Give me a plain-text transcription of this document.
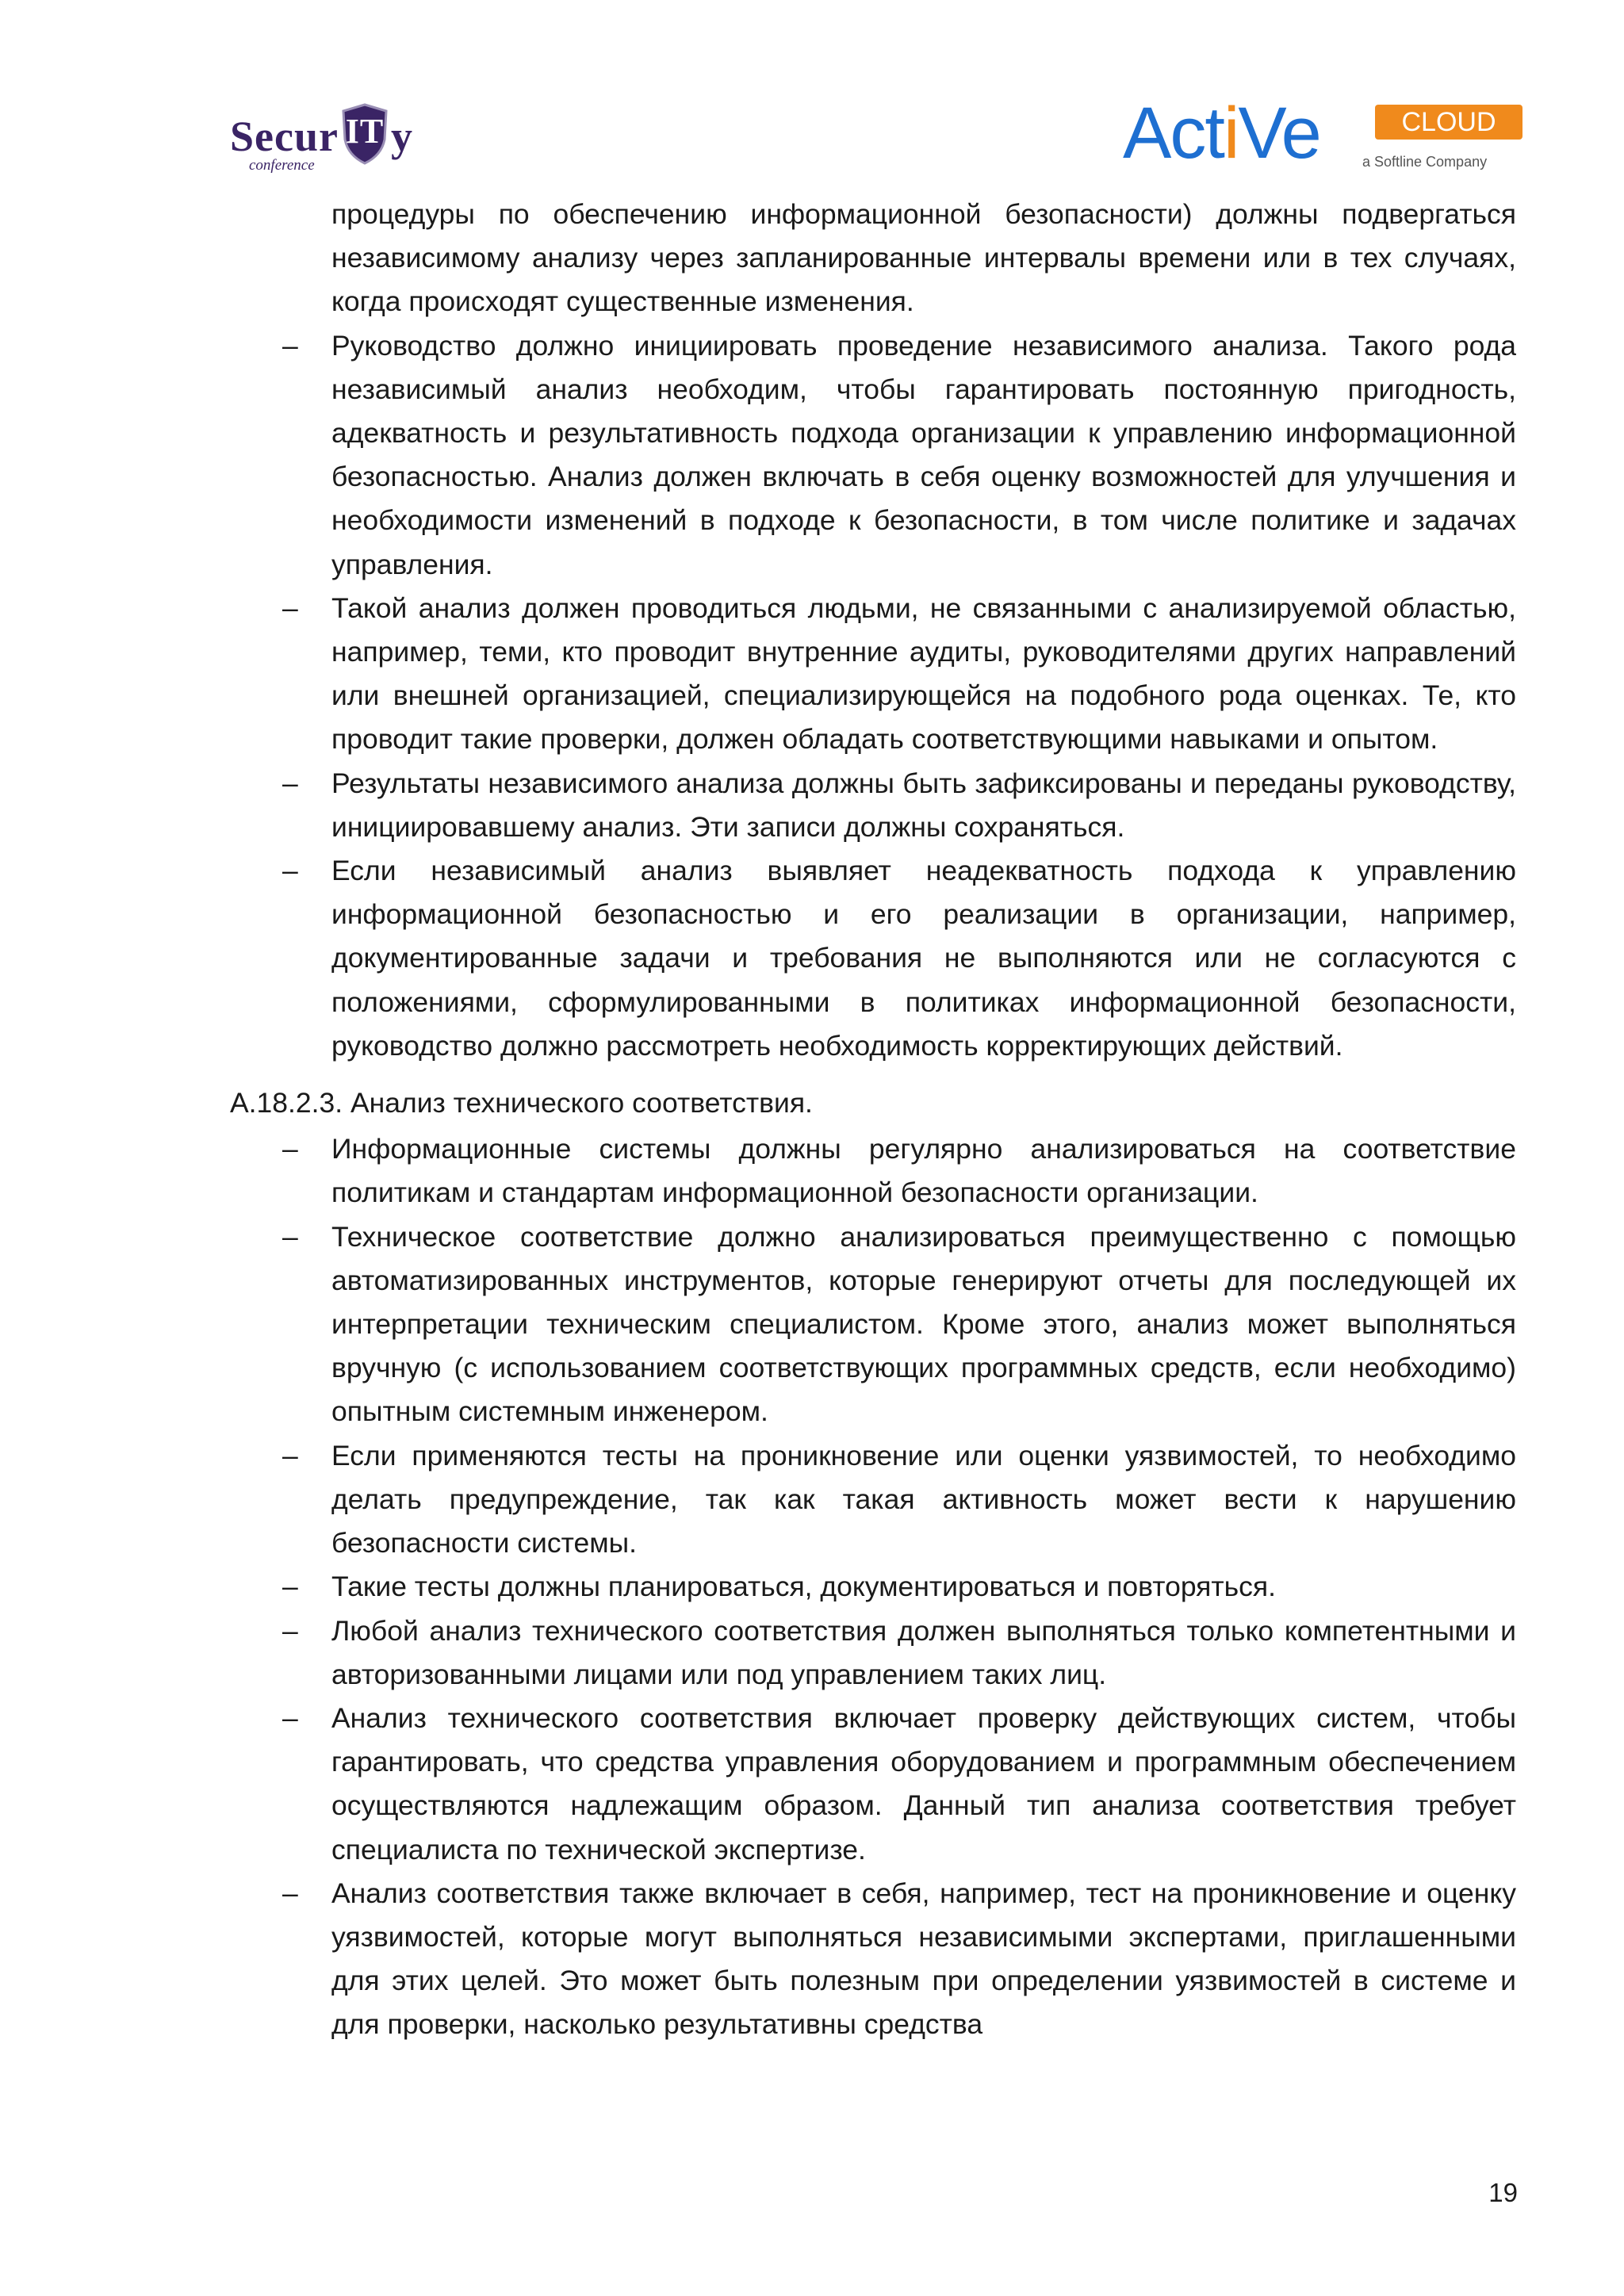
Secur IT y
conference	ActiVe	CLOUD
a Softline Company
процедуры по обеспечению информационной безопасности) должны подвергаться независимому анализу через запланированные интервалы времени или в тех случаях, когда происходят существенные изменения.
– Руководство должно инициировать проведение независимого анализа. Такого рода независимый анализ необходим, чтобы гарантировать постоянную пригодность, адекватность и результативность подхода организации к управлению информационной безопасностью. Анализ должен включать в себя оценку возможностей для улучшения и необходимости изменений в подходе к безопасности, в том числе политике и задачах управления.
– Такой анализ должен проводиться людьми, не связанными с анализируемой областью, например, теми, кто проводит внутренние аудиты, руководителями других направлений или внешней организацией, специализирующейся на подобного рода оценках. Те, кто проводит такие проверки, должен обладать соответствующими навыками и опытом.
– Результаты независимого анализа должны быть зафиксированы и переданы руководству, инициировавшему анализ. Эти записи должны сохраняться.
– Если независимый анализ выявляет неадекватность подхода к управлению информационной безопасностью и его реализации в организации, например, документированные задачи и требования не выполняются или не согласуются с положениями, сформулированными в политиках информационной безопасности, руководство должно рассмотреть необходимость корректирующих действий.
А.18.2.3. Анализ технического соответствия.
– Информационные системы должны регулярно анализироваться на соответствие политикам и стандартам информационной безопасности организации.
– Техническое соответствие должно анализироваться преимущественно с помощью автоматизированных инструментов, которые генерируют отчеты для последующей их интерпретации техническим специалистом. Кроме этого, анализ может выполняться вручную (с использованием соответствующих программных средств, если необходимо) опытным системным инженером.
– Если применяются тесты на проникновение или оценки уязвимостей, то необходимо делать предупреждение, так как такая активность может вести к нарушению безопасности системы.
– Такие тесты должны планироваться, документироваться и повторяться.
– Любой анализ технического соответствия должен выполняться только компетентными и авторизованными лицами или под управлением таких лиц.
– Анализ технического соответствия включает проверку действующих систем, чтобы гарантировать, что средства управления оборудованием и программным обеспечением осуществляются надлежащим образом. Данный тип анализа соответствия требует специалиста по технической экспертизе.
– Анализ соответствия также включает в себя, например, тест на проникновение и оценку уязвимостей, которые могут выполняться независимыми экспертами, приглашенными для этих целей. Это может быть полезным при определении уязвимостей в системе и для проверки, насколько результативны средства
19
